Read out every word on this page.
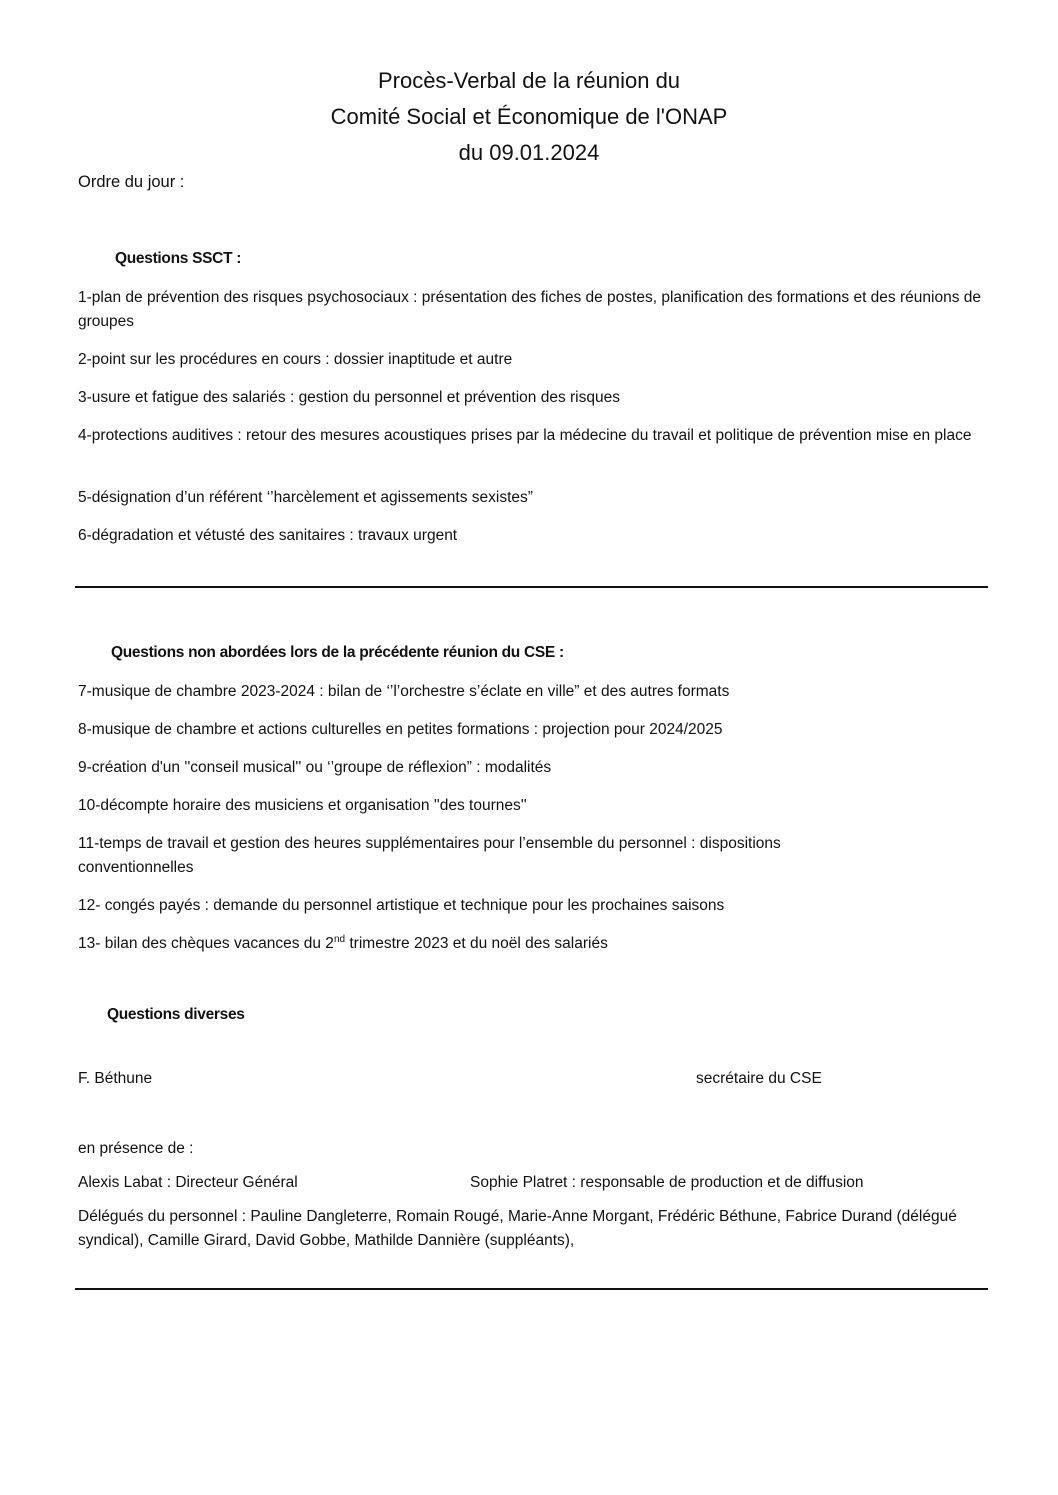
Procès-Verbal de la réunion du
Comité Social et Économique de l'ONAP
du 09.01.2024
Ordre du jour :
Questions SSCT :
1-plan de prévention des risques psychosociaux : présentation des fiches de postes, planification des formations et des réunions de groupes
2-point sur les procédures en cours : dossier inaptitude et autre
3-usure et fatigue des salariés : gestion du personnel et prévention des risques
4-protections auditives : retour des mesures acoustiques prises par la médecine du travail et politique de prévention mise en place
5-désignation d’un référent ‘’harcèlement et agissements sexistes”
6-dégradation et vétusté des sanitaires : travaux urgent
Questions non abordées lors de la précédente réunion du CSE :
7-musique de chambre 2023-2024 : bilan de ‘’l’orchestre s’éclate en ville” et des autres formats
8-musique de chambre et actions culturelles en petites formations : projection pour 2024/2025
9-création d'un ''conseil musical'' ou ‘’groupe de réflexion” : modalités
10-décompte horaire des musiciens et organisation ''des tournes''
11-temps de travail et gestion des heures supplémentaires pour l’ensemble du personnel : dispositions conventionnelles
12- congés payés : demande du personnel artistique et technique pour les prochaines saisons
13- bilan des chèques vacances du 2nd trimestre 2023 et du noël des salariés
Questions diverses
F. Béthune	secrétaire du CSE
en présence de :
Alexis Labat : Directeur Général	Sophie Platret : responsable de production et de diffusion
Délégués du personnel : Pauline Dangleterre, Romain Rougé, Marie-Anne Morgant, Frédéric Béthune, Fabrice Durand (délégué syndical), Camille Girard, David Gobbe, Mathilde Dannière (suppléants),
